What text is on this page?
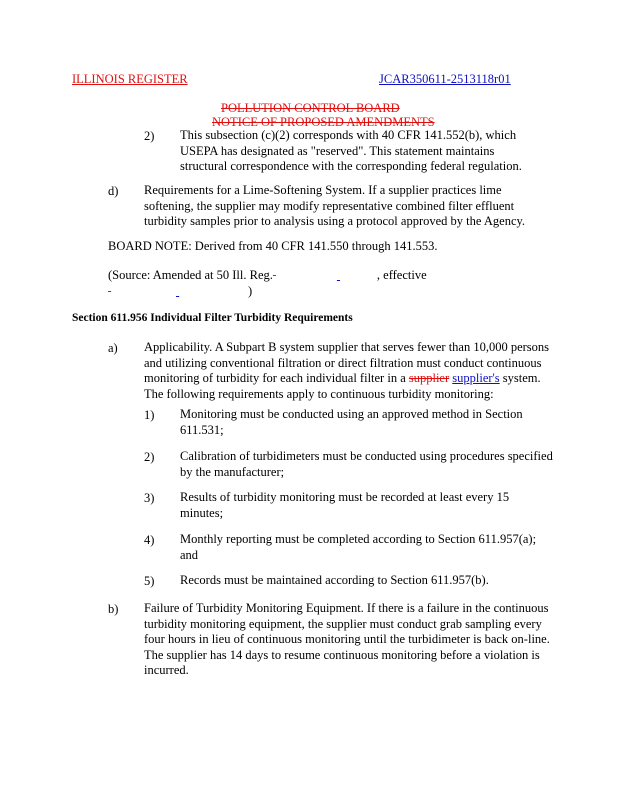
ILLINOIS REGISTER	JCAR350611-2513118r01
POLLUTION CONTROL BOARD
NOTICE OF PROPOSED AMENDMENTS
2) This subsection (c)(2) corresponds with 40 CFR 141.552(b), which
USEPA has designated as "reserved". This statement maintains
structural correspondence with the corresponding federal regulation.
d) Requirements for a Lime-Softening System. If a supplier practices lime
softening, the supplier may modify representative combined filter effluent
turbidity samples prior to analysis using a protocol approved by the Agency.
BOARD NOTE: Derived from 40 CFR 141.550 through 141.553.
(Source: Amended at 50 Ill. Reg.	, effective
)
Section 611.956 Individual Filter Turbidity Requirements
a) Applicability. A Subpart B system supplier that serves fewer than 10,000 persons
and utilizing conventional filtration or direct filtration must conduct continuous
monitoring of turbidity for each individual filter in a supplier supplier's system.
The following requirements apply to continuous turbidity monitoring:
1) Monitoring must be conducted using an approved method in Section
611.531;
2) Calibration of turbidimeters must be conducted using procedures specified
by the manufacturer;
3) Results of turbidity monitoring must be recorded at least every 15
minutes;
4) Monthly reporting must be completed according to Section 611.957(a);
and
5) Records must be maintained according to Section 611.957(b).
b) Failure of Turbidity Monitoring Equipment. If there is a failure in the continuous
turbidity monitoring equipment, the supplier must conduct grab sampling every
four hours in lieu of continuous monitoring until the turbidimeter is back on-line.
The supplier has 14 days to resume continuous monitoring before a violation is
incurred.
